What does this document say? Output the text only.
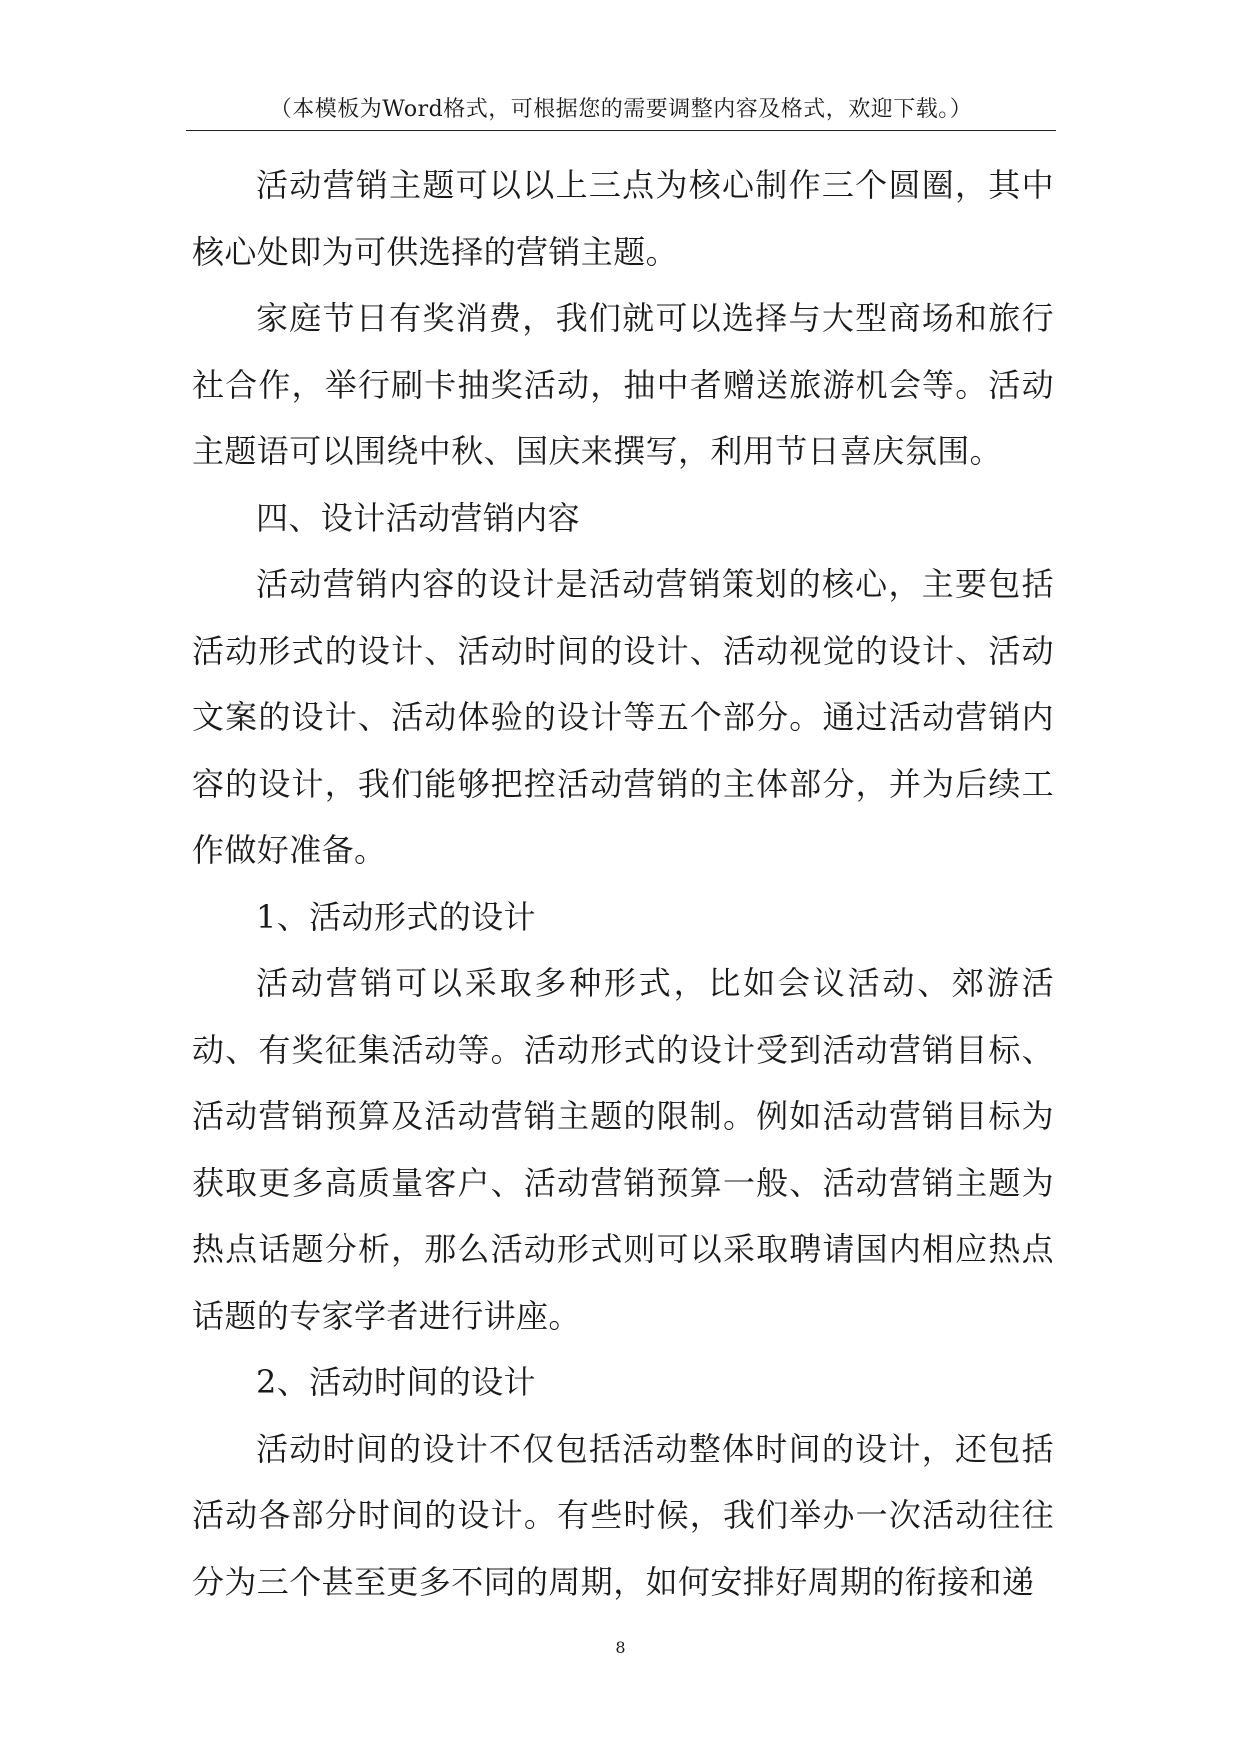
（本模板为Word格式，可根据您的需要调整内容及格式，欢迎下载。）

活动营销主题可以以上三点为核心制作三个圆圈，其中核心处即为可供选择的营销主题。

家庭节日有奖消费，我们就可以选择与大型商场和旅行社合作，举行刷卡抽奖活动，抽中者赠送旅游机会等。活动主题语可以围绕中秋、国庆来撰写，利用节日喜庆氛围。

四、设计活动营销内容

活动营销内容的设计是活动营销策划的核心，主要包括活动形式的设计、活动时间的设计、活动视觉的设计、活动文案的设计、活动体验的设计等五个部分。通过活动营销内容的设计，我们能够把控活动营销的主体部分，并为后续工作做好准备。

1、活动形式的设计

活动营销可以采取多种形式，比如会议活动、郊游活动、有奖征集活动等。活动形式的设计受到活动营销目标、活动营销预算及活动营销主题的限制。例如活动营销目标为获取更多高质量客户、活动营销预算一般、活动营销主题为热点话题分析，那么活动形式则可以采取聘请国内相应热点话题的专家学者进行讲座。

2、活动时间的设计

活动时间的设计不仅包括活动整体时间的设计，还包括活动各部分时间的设计。有些时候，我们举办一次活动往往分为三个甚至更多不同的周期，如何安排好周期的衔接和递

8
